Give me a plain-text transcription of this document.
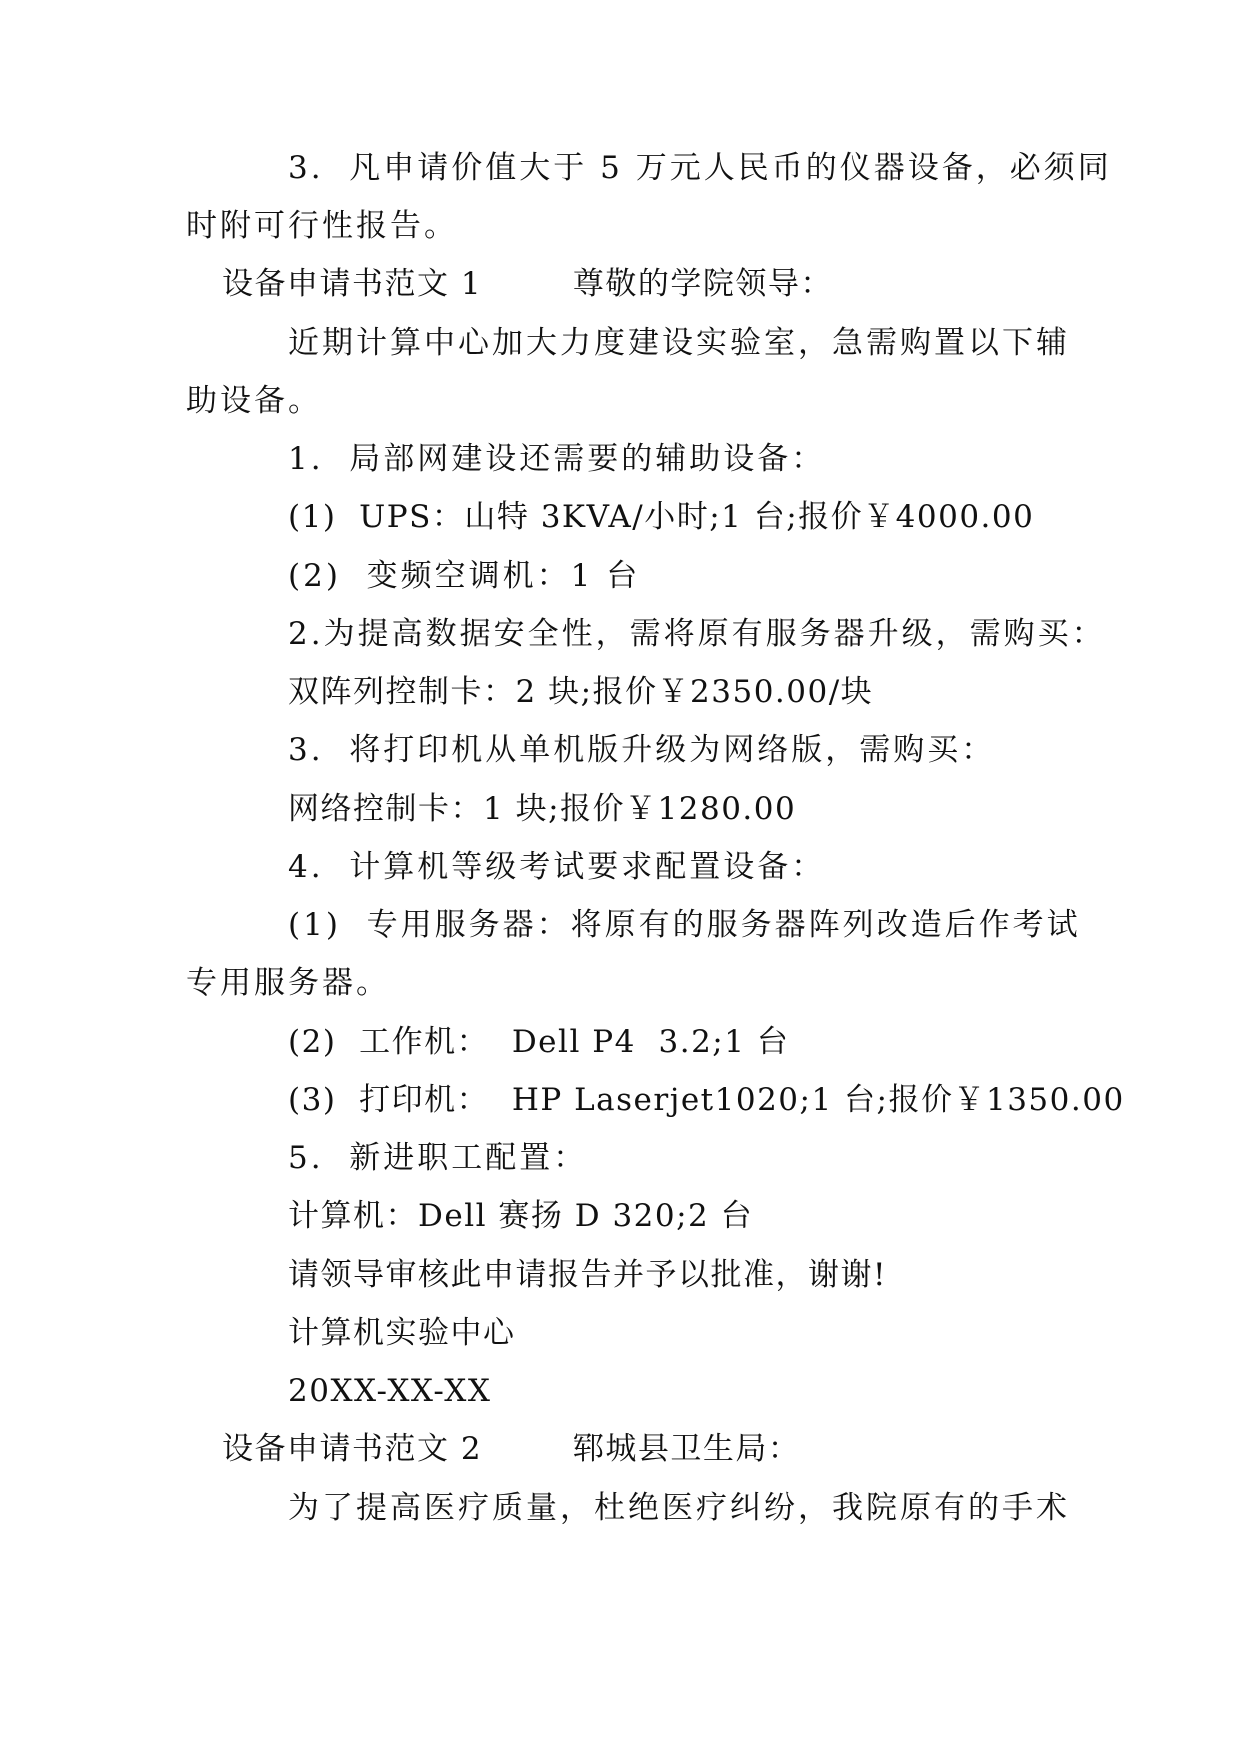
3.  凡申请价值大于 5 万元人民币的仪器设备，必须同
时附可行性报告。
设备申请书范文 1        尊敬的学院领导：
近期计算中心加大力度建设实验室，急需购置以下辅
助设备。
1.  局部网建设还需要的辅助设备：
(1)  UPS：山特 3KVA/小时;1 台;报价￥4000.00
(2)  变频空调机：1 台
2.为提高数据安全性，需将原有服务器升级，需购买：
双阵列控制卡：2 块;报价￥2350.00/块
3.  将打印机从单机版升级为网络版，需购买：
网络控制卡：1 块;报价￥1280.00
4.  计算机等级考试要求配置设备：
(1)  专用服务器：将原有的服务器阵列改造后作考试
专用服务器。
(2)  工作机：  Dell P4  3.2;1 台
(3)  打印机：  HP Laserjet1020;1 台;报价￥1350.00
5.  新进职工配置：
计算机：Dell 赛扬 D 320;2 台
请领导审核此申请报告并予以批准，谢谢!
计算机实验中心
20XX-XX-XX
设备申请书范文 2        郓城县卫生局：
为了提高医疗质量，杜绝医疗纠纷，我院原有的手术
